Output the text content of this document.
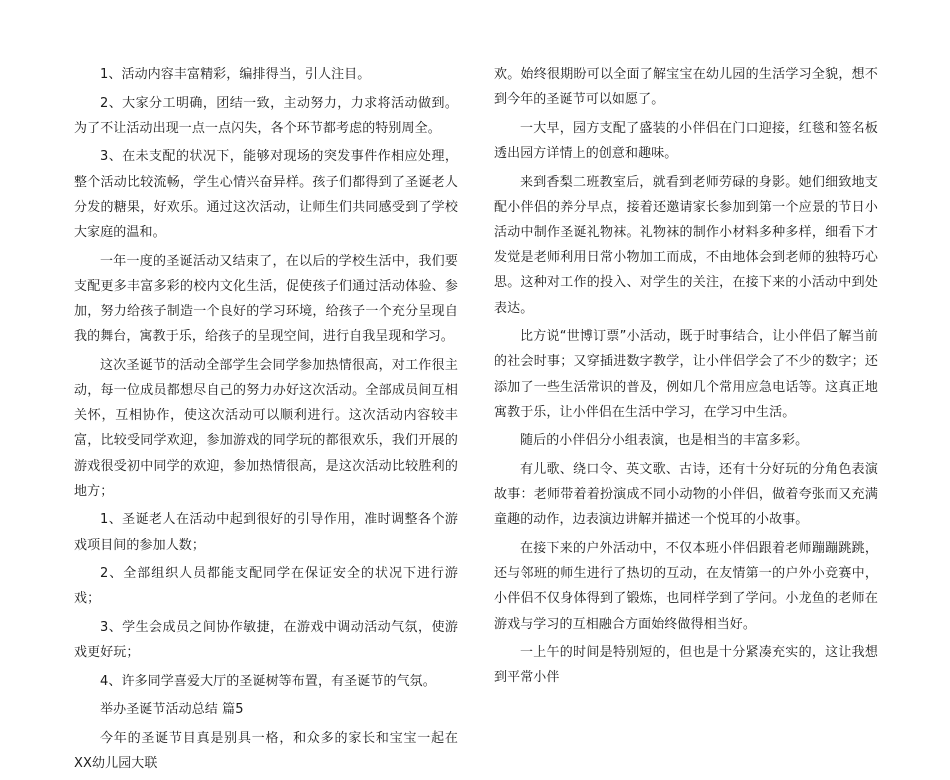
1、活动内容丰富精彩，编排得当，引人注目。

2、大家分工明确，团结一致，主动努力，力求将活动做到。为了不让活动出现一点一点闪失，各个环节都考虑的特别周全。

3、在未支配的状况下，能够对现场的突发事件作相应处理，整个活动比较流畅，学生心情兴奋异样。孩子们都得到了圣诞老人分发的糖果，好欢乐。通过这次活动，让师生们共同感受到了学校大家庭的温和。

一年一度的圣诞活动又结束了，在以后的学校生活中，我们要支配更多丰富多彩的校内文化生活，促使孩子们通过活动体验、参加，努力给孩子制造一个良好的学习环境，给孩子一个充分呈现自我的舞台，寓教于乐，给孩子的呈现空间，进行自我呈现和学习。

这次圣诞节的活动全部学生会同学参加热情很高，对工作很主动，每一位成员都想尽自己的努力办好这次活动。全部成员间互相关怀，互相协作，使这次活动可以顺利进行。这次活动内容较丰富，比较受同学欢迎，参加游戏的同学玩的都很欢乐，我们开展的游戏很受初中同学的欢迎，参加热情很高，是这次活动比较胜利的地方；

1、圣诞老人在活动中起到很好的引导作用，准时调整各个游戏项目间的参加人数；

2、全部组织人员都能支配同学在保证安全的状况下进行游戏；

3、学生会成员之间协作敏捷，在游戏中调动活动气氛，使游戏更好玩；

4、许多同学喜爱大厅的圣诞树等布置，有圣诞节的气氛。

举办圣诞节活动总结 篇5

今年的圣诞节目真是别具一格，和众多的家长和宝宝一起在XX幼儿园大联

欢。始终很期盼可以全面了解宝宝在幼儿园的生活学习全貌，想不到今年的圣诞节可以如愿了。

一大早，园方支配了盛装的小伴侣在门口迎接，红毯和签名板透出园方详情上的创意和趣味。

来到香梨二班教室后，就看到老师劳碌的身影。她们细致地支配小伴侣的养分早点，接着还邀请家长参加到第一个应景的节日小活动中制作圣诞礼物袜。礼物袜的制作小材料多种多样，细看下才发觉是老师利用日常小物加工而成，不由地体会到老师的独特巧心思。这种对工作的投入、对学生的关注，在接下来的小活动中到处表达。

比方说“世博订票”小活动，既于时事结合，让小伴侣了解当前的社会时事；又穿插进数字教学，让小伴侣学会了不少的数字；还添加了一些生活常识的普及，例如几个常用应急电话等。这真正地寓教于乐，让小伴侣在生活中学习，在学习中生活。

随后的小伴侣分小组表演，也是相当的丰富多彩。

有儿歌、绕口令、英文歌、古诗，还有十分好玩的分角色表演故事：老师带着着扮演成不同小动物的小伴侣，做着夸张而又充满童趣的动作，边表演边讲解并描述一个悦耳的小故事。

在接下来的户外活动中，不仅本班小伴侣跟着老师蹦蹦跳跳，还与邻班的师生进行了热切的互动，在友情第一的户外小竞赛中，小伴侣不仅身体得到了锻炼，也同样学到了学问。小龙鱼的老师在游戏与学习的互相融合方面始终做得相当好。

一上午的时间是特别短的，但也是十分紧凑充实的，这让我想到平常小伴
